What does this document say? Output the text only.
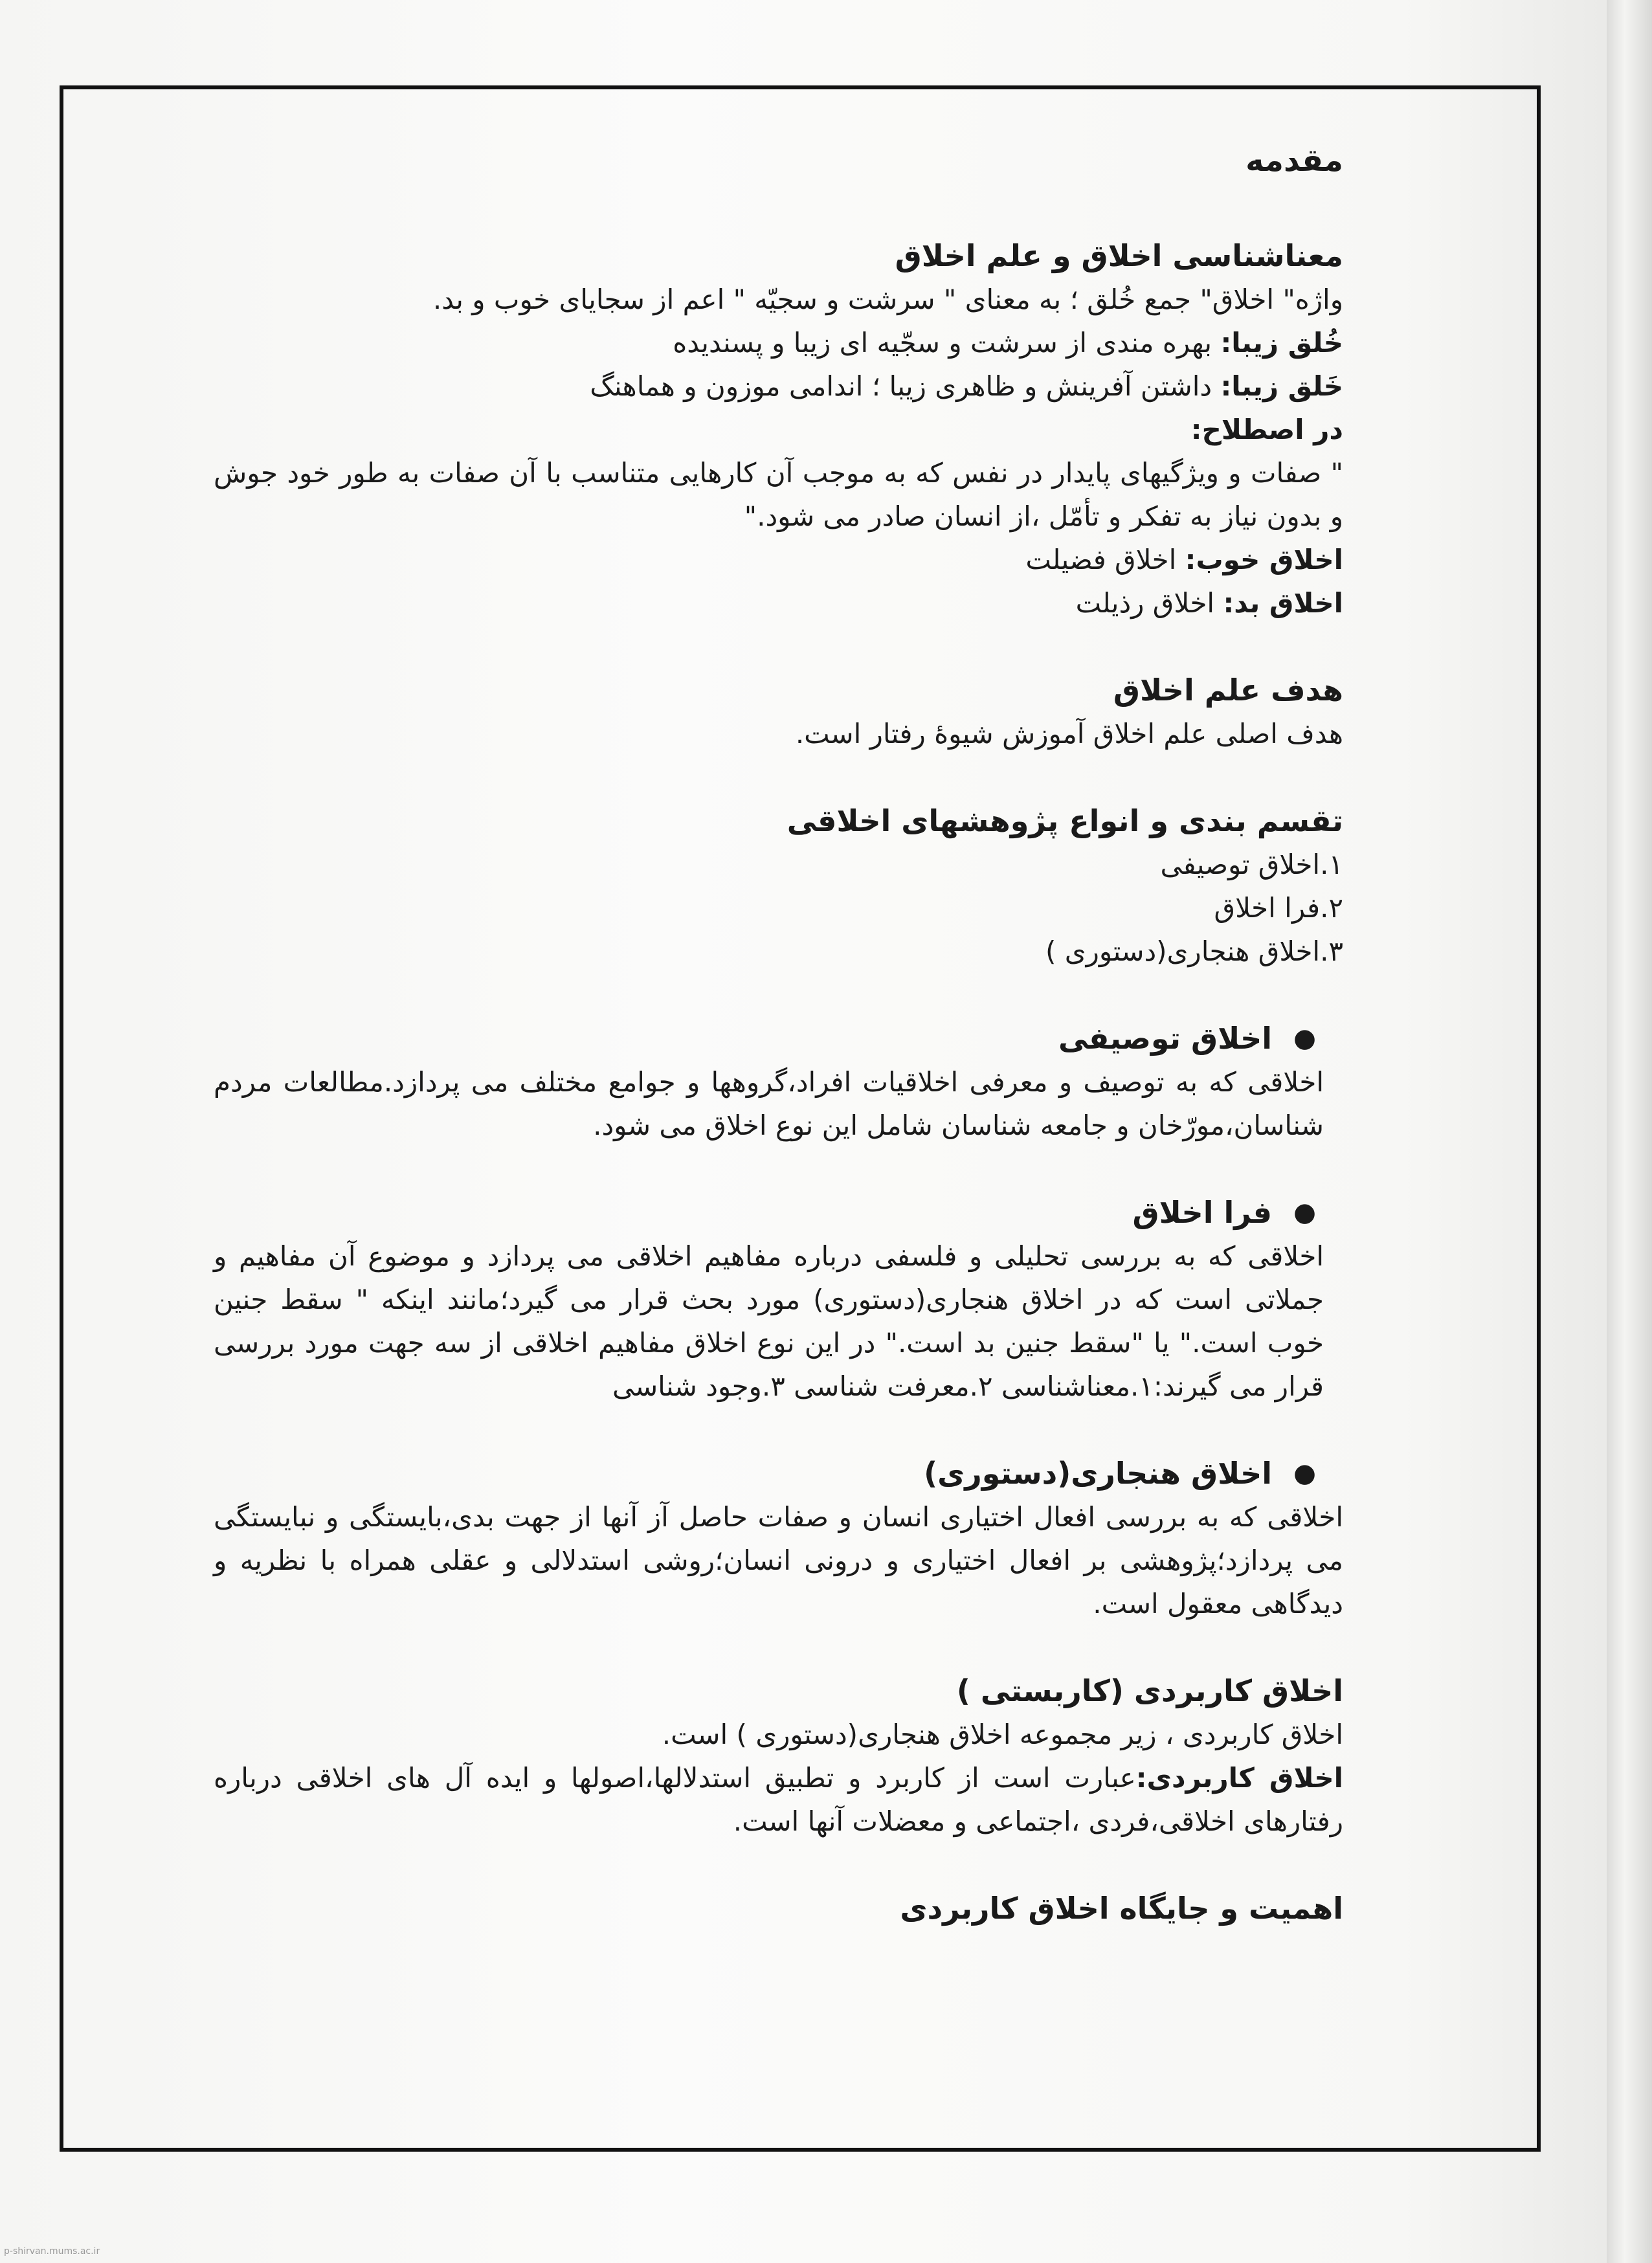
مقدمه

معناشناسی اخلاق و علم اخلاق

واژه" اخلاق" جمع خُلق ؛ به معنای " سرشت و سجیّه " اعم از سجایای خوب و بد.

خُلق زیبا: بهره مندی از سرشت و سجّیه ای زیبا و پسندیده

خَلق زیبا: داشتن آفرینش و ظاهری زیبا ؛ اندامی موزون و هماهنگ

در اصطلاح:

" صفات و ویژگیهای پایدار در نفس که به موجب آن کارهایی متناسب با آن صفات به طور خود جوش و بدون نیاز به تفکر و تأمّل ،از انسان صادر می شود."

اخلاق خوب: اخلاق فضیلت

اخلاق بد: اخلاق رذیلت

هدف علم اخلاق

هدف اصلی علم اخلاق آموزش شیوهٔ رفتار است.

تقسم بندی و انواع پژوهشهای اخلاقی

۱.اخلاق توصیفی

۲.فرا اخلاق

۳.اخلاق هنجاری(دستوری )

●
اخلاق توصیفی

اخلاقی که به توصیف و معرفی اخلاقیات افراد،گروهها و جوامع مختلف می پردازد.مطالعات مردم شناسان،مورّخان و جامعه شناسان شامل این نوع اخلاق می شود.

●
فرا اخلاق

اخلاقی که به بررسی تحلیلی و فلسفی درباره مفاهیم اخلاقی می پردازد و موضوع آن مفاهیم و جملاتی است که در اخلاق هنجاری(دستوری) مورد بحث قرار می گیرد؛مانند اینکه " سقط جنین خوب است." یا "سقط جنین بد است." در این نوع اخلاق مفاهیم اخلاقی از سه جهت مورد بررسی قرار می گیرند:۱.معناشناسی ۲.معرفت شناسی ۳.وجود شناسی

●
اخلاق هنجاری(دستوری)

اخلاقی که به بررسی افعال اختیاری انسان و صفات حاصل آز آنها از جهت بدی،بایستگی و نبایستگی می پردازد؛پژوهشی بر افعال اختیاری و درونی انسان؛روشی استدلالی و عقلی همراه با نظریه و دیدگاهی معقول است.

اخلاق کاربردی (کاربستی )

اخلاق کاربردی ، زیر مجموعه اخلاق هنجاری(دستوری ) است.

اخلاق کاربردی:عبارت است از کاربرد و تطبیق استدلالها،اصولها و ایده آل های اخلاقی درباره رفتارهای اخلاقی،فردی ،اجتماعی و معضلات آنها است.

اهمیت و جایگاه اخلاق کاربردی

p-shirvan.mums.ac.ir
